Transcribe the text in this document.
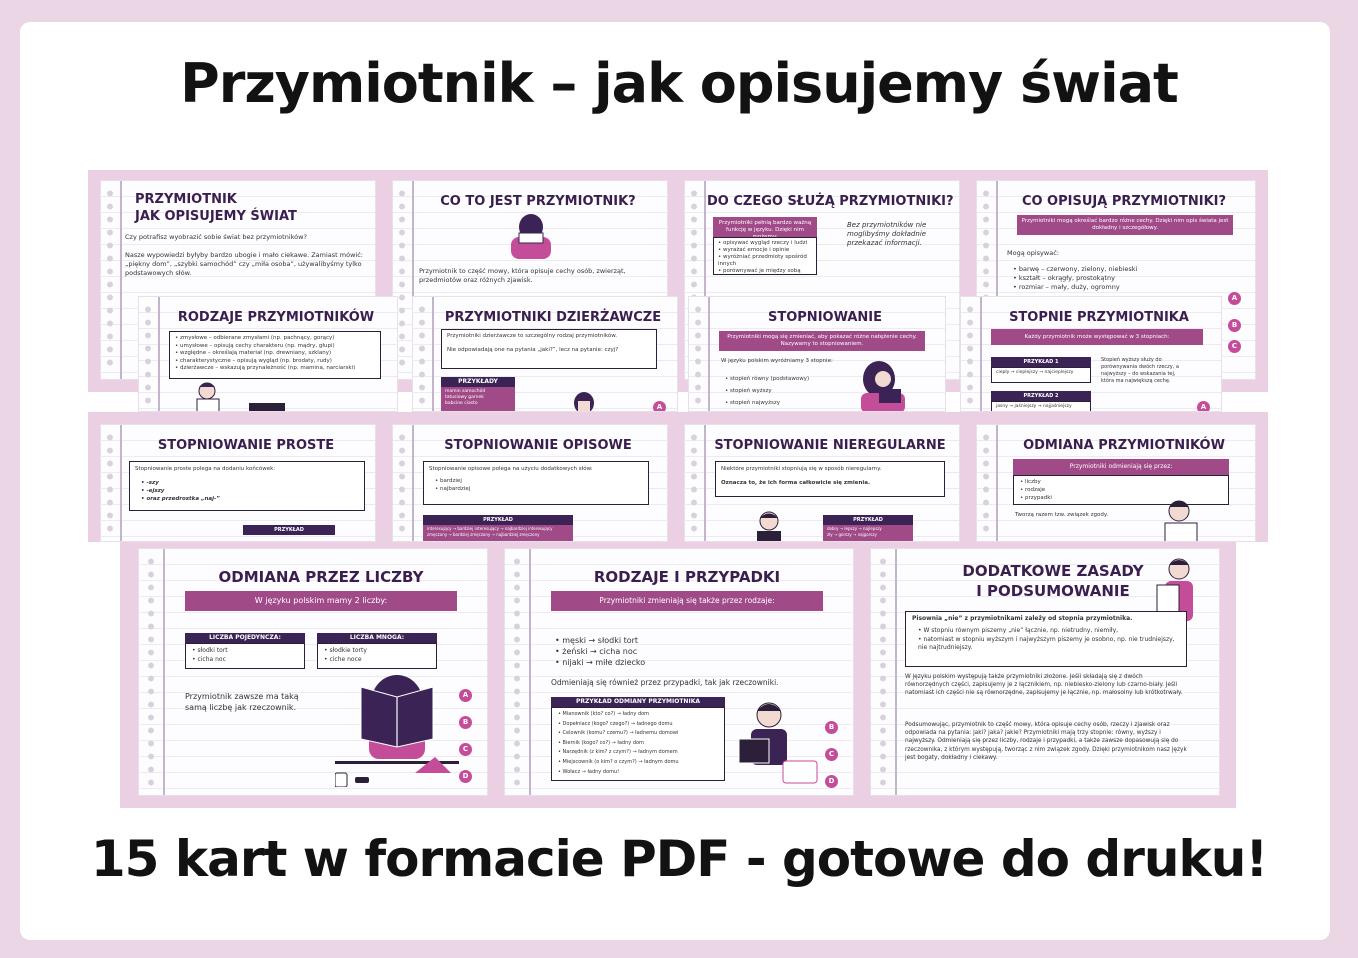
Przymiotnik – jak opisujemy świat
PRZYMIOTNIK
JAK OPISUJEMY ŚWIAT
Czy potrafisz wyobrazić sobie świat bez przymiotników?
Nasze wypowiedzi byłyby bardzo ubogie i mało ciekawe. Zamiast mówić: „piękny dom”, „szybki samochód” czy „miła osoba”, używalibyśmy tylko podstawowych słów.
CO TO JEST PRZYMIOTNIK?
Przymiotnik to część mowy, która opisuje cechy osób, zwierząt, przedmiotów oraz różnych zjawisk.
DO CZEGO SŁUŻĄ PRZYMIOTNIKI?
Przymiotniki pełnią bardzo ważną funkcję w języku. Dzięki nim
• opisywać wygląd rzeczy i ludzi
• wyrażać emocje i opinie
• wyróżniać przedmioty spośród innych
• porównywać je między sobą
Bez przymiotników nie moglibyśmy dokładnie przekazać informacji.
CO OPISUJĄ PRZYMIOTNIKI?
Przymiotniki mogą określać bardzo różne cechy. Dzięki nim opis świata jest dokładny i szczegółowy.
Mogą opisywać:
• barwę – czerwony, zielony, niebieski
• kształt – okrągły, prostokątny
• rozmiar – mały, duży, ogromny
RODZAJE PRZYMIOTNIKÓW
• zmysłowe – odbierane zmysłami (np. pachnący, gorący)
• umysłowe – opisują cechy charakteru (np. mądry, głupi)
• względne – określają materiał (np. drewniany, szklany)
• charakterystyczne – opisują wygląd (np. brodaty, rudy)
• dzierżawcze – wskazują przynależność (np. mamina, narciarski)
PRZYMIOTNIKI DZIERŻAWCZE
Przymiotniki dzierżawcze to szczególny rodzaj przymiotników.
Nie odpowiadają one na pytania „jaki?”, lecz na pytanie: czyj?
PRZYKŁADY
mamin samochód
tatusiowy garnek
babcine ciasto	A
STOPNIOWANIE
Przymiotniki mogą się zmieniać, aby pokazać różne natężenie cechy. Nazywamy to stopniowaniem.
W języku polskim wyróżniamy 3 stopnie:
• stopień równy (podstawowy)
• stopień wyższy
• stopień najwyższy
STOPNIE PRZYMIOTNIKA
Każdy przymiotnik może występować w 3 stopniach:
PRZYKŁAD 1
ciepły → cieplejszy → najcieplejszy
PRZYKŁAD 2
jasny → jaśniejszy → najjaśniejszy
Stopień wyższy służy do porównywania dwóch rzeczy, a najwyższy – do wskazania tej, która ma największą cechę.
A
A
B
C
STOPNIOWANIE PROSTE
Stopniowanie proste polega na dodaniu końcówek:
• -szy
• -ejszy
• oraz przedrostka „naj-”
PRZYKŁAD
STOPNIOWANIE OPISOWE
Stopniowanie opisowe polega na użyciu dodatkowych słów:
• bardziej
• najbardziej
PRZYKŁAD
interesujący → bardziej interesujący → najbardziej interesujący
zmęczony → bardziej zmęczony → najbardziej zmęczony
STOPNIOWANIE NIEREGULARNE
Niektóre przymiotniki stopniują się w sposób nieregularny.
Oznacza to, że ich forma całkowicie się zmienia.
PRZYKŁAD
dobry → lepszy → najlepszy
zły → gorszy → najgorszy
ODMIANA PRZYMIOTNIKÓW
Przymiotniki odmieniają się przez:
• liczby
• rodzaje
• przypadki
Tworzą razem tzw. związek zgody.
ODMIANA PRZEZ LICZBY
W języku polskim mamy 2 liczby:
LICZBA POJEDYNCZA:
• słodki tort
• cicha noc
LICZBA MNOGA:
• słodkie torty
• ciche noce
Przymiotnik zawsze ma taką samą liczbę jak rzeczownik.
A
B
C
D
RODZAJE I PRZYPADKI
Przymiotniki zmieniają się także przez rodzaje:
• męski → słodki tort
• żeński → cicha noc
• nijaki → miłe dziecko
Odmieniają się również przez przypadki, tak jak rzeczowniki.
PRZYKŁAD ODMIANY PRZYMIOTNIKA
• Mianownik (kto? co?) → ładny dom
• Dopełniacz (kogo? czego?) → ładnego domu
• Celownik (komu? czemu?) → ładnemu domowi
• Biernik (kogo? co?) → ładny dom
• Narzędnik (z kim? z czym?) → ładnym domem
• Miejscownik (o kim? o czym?) → ładnym domu
• Wołacz → ładny domu!
B
C
D
DODATKOWE ZASADY
I PODSUMOWANIE
Pisownia „nie” z przymiotnikami zależy od stopnia przymiotnika.
• W stopniu równym piszemy „nie” łącznie, np. nietrudny, niemiły,
• natomiast w stopniu wyższym i najwyższym piszemy je osobno, np. nie trudniejszy, nie najtrudniejszy.
W języku polskim występują także przymiotniki złożone. Jeśli składają się z dwóch równorzędnych części, zapisujemy je z łącznikiem, np. niebiesko-zielony lub czarno-biały. Jeśli natomiast ich części nie są równorzędne, zapisujemy je łącznie, np. małosolny lub krótkotrwały.
Podsumowując, przymiotnik to część mowy, która opisuje cechy osób, rzeczy i zjawisk oraz odpowiada na pytania: jaki? jaka? jakie? Przymiotniki mają trzy stopnie: równy, wyższy i najwyższy. Odmieniają się przez liczby, rodzaje i przypadki, a także zawsze dopasowują się do rzeczownika, z którym występują, tworząc z nim związek zgody. Dzięki przymiotnikom nasz język jest bogaty, dokładny i ciekawy.
15 kart w formacie PDF - gotowe do druku!
